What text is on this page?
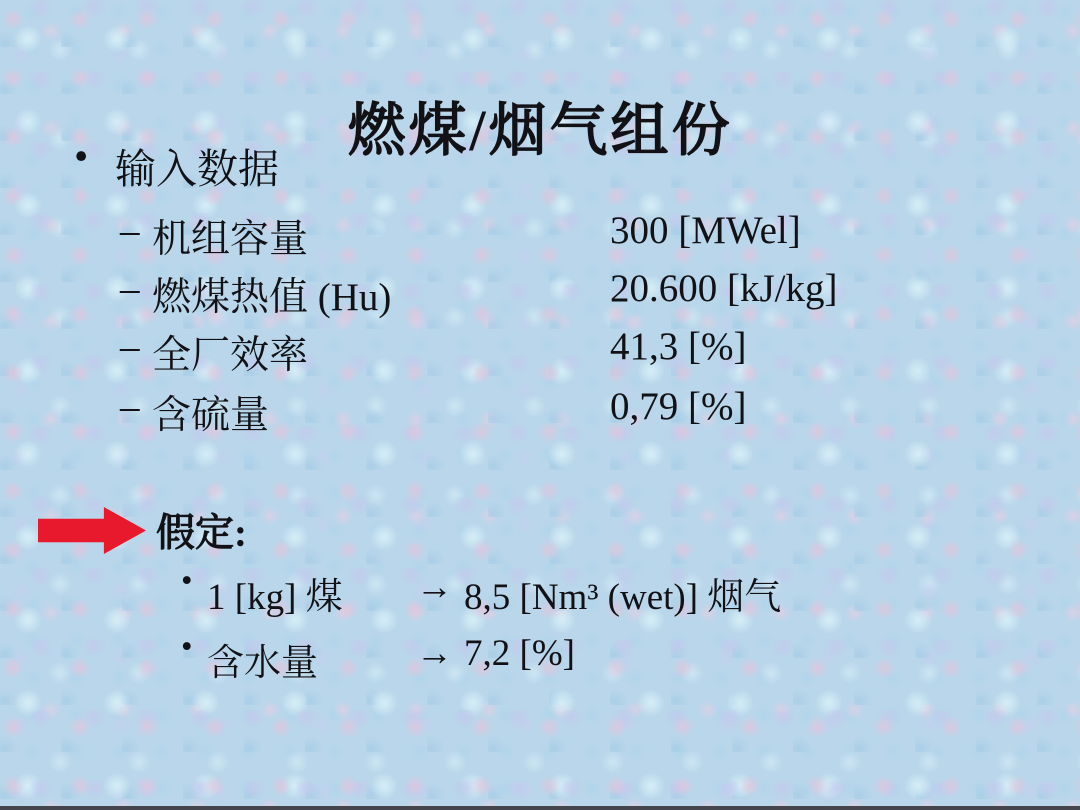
燃煤/烟气组份
• 输入数据
– 机组容量	300 [MWel]
– 燃煤热值 (Hu)	20.600 [kJ/kg]
– 全厂效率	41,3 [%]
– 含硫量	0,79 [%]
假定:
• 1 [kg] 煤 → 8,5 [Nm³ (wet)] 烟气
• 含水量	→ 7,2 [%]
